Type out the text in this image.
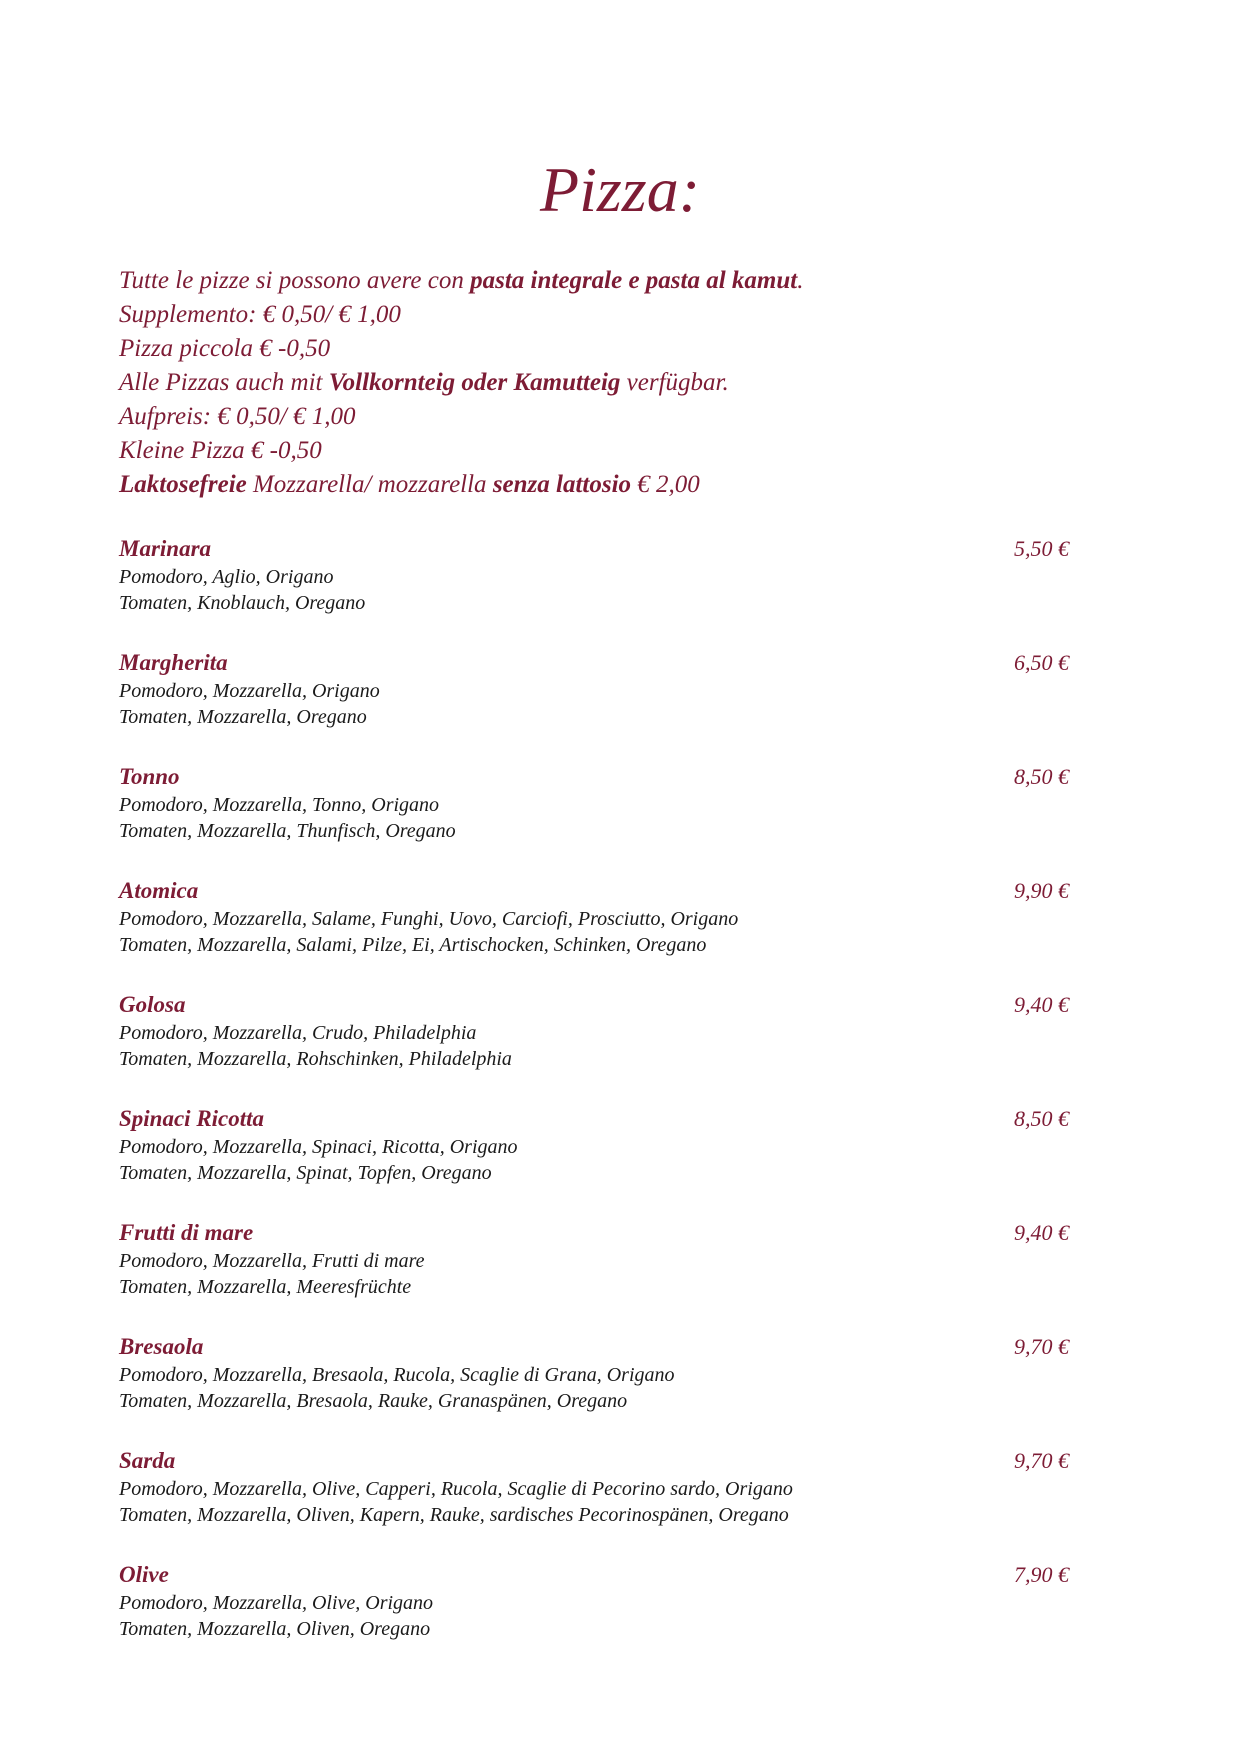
Pizza:
Tutte le pizze si possono avere con pasta integrale e pasta al kamut.
Supplemento: € 0,50/ € 1,00
Pizza piccola € -0,50
Alle Pizzas auch mit Vollkornteig oder Kamutteig verfügbar.
Aufpreis: € 0,50/ € 1,00
Kleine Pizza € -0,50
Laktosefreie Mozzarella/ mozzarella senza lattosio € 2,00
Marinara	5,50 €
Pomodoro, Aglio, Origano
Tomaten, Knoblauch, Oregano
Margherita	6,50 €
Pomodoro, Mozzarella, Origano
Tomaten, Mozzarella, Oregano
Tonno	8,50 €
Pomodoro, Mozzarella, Tonno, Origano
Tomaten, Mozzarella, Thunfisch, Oregano
Atomica	9,90 €
Pomodoro, Mozzarella, Salame, Funghi, Uovo, Carciofi, Prosciutto, Origano
Tomaten, Mozzarella, Salami, Pilze, Ei, Artischocken, Schinken, Oregano
Golosa	9,40 €
Pomodoro, Mozzarella, Crudo, Philadelphia
Tomaten, Mozzarella, Rohschinken, Philadelphia
Spinaci Ricotta	8,50 €
Pomodoro, Mozzarella, Spinaci, Ricotta, Origano
Tomaten, Mozzarella, Spinat, Topfen, Oregano
Frutti di mare	9,40 €
Pomodoro, Mozzarella, Frutti di mare
Tomaten, Mozzarella, Meeresfrüchte
Bresaola	9,70 €
Pomodoro, Mozzarella, Bresaola, Rucola, Scaglie di Grana, Origano
Tomaten, Mozzarella, Bresaola, Rauke, Granaspänen, Oregano
Sarda	9,70 €
Pomodoro, Mozzarella, Olive, Capperi, Rucola, Scaglie di Pecorino sardo, Origano
Tomaten, Mozzarella, Oliven, Kapern, Rauke, sardisches Pecorinospänen, Oregano
Olive	7,90 €
Pomodoro, Mozzarella, Olive, Origano
Tomaten, Mozzarella, Oliven, Oregano
